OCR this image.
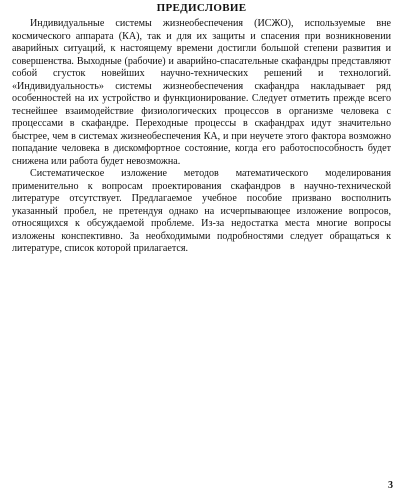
ПРЕДИСЛОВИЕ

Индивидуальные системы жизнеобеспечения (ИСЖО), используемые вне космического аппарата (КА), так и для их защиты и спасения при возникновении аварийных ситуаций, к настоящему времени достигли большой степени развития и совершенства. Выходные (рабочие) и аварийно-спасательные скафандры представляют собой сгусток новейших научно-технических решений и технологий. «Индивидуальность» системы жизнеобеспечения скафандра накладывает ряд особенностей на их устройство и функционирование. Следует отметить прежде всего теснейшее взаимодействие физиологических процессов в организме человека с процессами в скафандре. Переходные процессы в скафандрах идут значительно быстрее, чем в системах жизнеобеспечения КА, и при неучете этого фактора возможно попадание человека в дискомфортное состояние, когда его работоспособность будет снижена или работа будет невозможна.

Систематическое изложение методов математического моделирования применительно к вопросам проектирования скафандров в научно-технической литературе отсутствует. Предлагаемое учебное пособие призвано восполнить указанный пробел, не претендуя однако на исчерпывающее изложение вопросов, относящихся к обсуждаемой проблеме. Из-за недостатка места многие вопросы изложены конспективно. За необходимыми подробностями следует обращаться к литературе, список которой прилагается.

3
